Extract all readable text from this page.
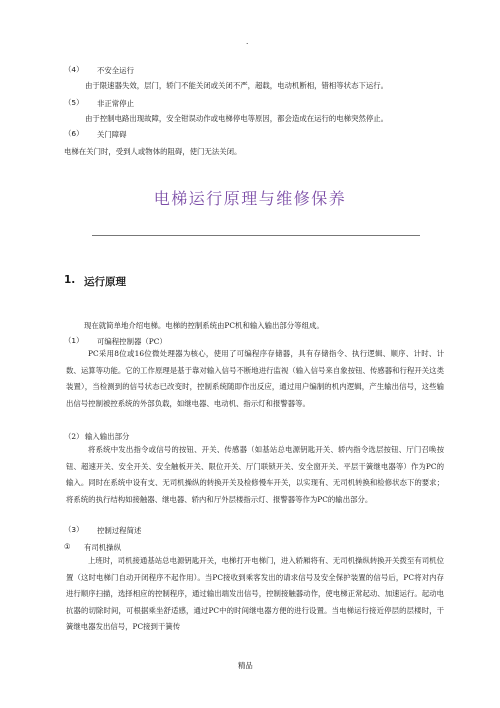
.
（4） 不安全运行
由于限速器失效，层门，轿门不能关闭或关闭不严，超载，电动机断相，错相等状态下运行。
（5） 非正常停止
由于控制电路出现故障，安全钳误动作或电梯停电等原因，都会造成在运行的电梯突然停止。
（6） 关门障碍
电梯在关门时，受到人或物体的阻碍，使门无法关闭。
电梯运行原理与维修保养
1. 运行原理
现在就简单地介绍电梯。电梯的控制系统由PC机和输入输出部分等组成。
（1） 可编程控制器（PC）
PC采用8位或16位微处理器为核心，使用了可编程序存储器，具有存储指令、执行逻辑、顺序、计时、计数、运算等功能。它的工作原理是基于靠对输入信号不断地进行监视（输入信号来自象按钮、传感器和行程开关这类装置），当检测到的信号状态已改变时，控制系统随即作出反应，通过用户编制的机内逻辑，产生输出信号，这些输出信号控制被控系统的外部负载，如继电器、电动机、指示灯和报警器等。
（2） 输入输出部分
将系统中发出指令或信号的按钮、开关、传感器（如基站总电源钥匙开关、轿内指令选层按钮、厅门召唤按钮、超速开关、安全开关、安全触板开关、限位开关、厅门联锁开关、安全窗开关、平层干簧继电器等）作为PC的输入。同时在系统中设有支、无司机操纵的转换开关及检修慢车开关，以实现有、无司机转换和检修状态下的要求；将系统的执行结构如接触器、继电器、轿内和厅外层楼指示灯、报警器等作为PC的输出部分。
（3） 控制过程简述
① 有司机操纵
上班时，司机接通基站总电源钥匙开关，电梯打开电梯门，进入轿厢将有、无司机操纵转换开关拨至有司机位置（这时电梯门自动开闭程序不起作用）。当PC接收到乘客发出的请求信号及安全保护装置的信号后，PC将对内存进行顺序扫描，选择相应的控制程序，通过输出端发出信号，控制接触器动作，使电梯正常起动、加速运行。起动电抗器的切除时间，可根据乘坐舒适感，通过PC中的时间继电器方便的进行设置。当电梯运行接近停层的层楼时，干簧继电器发出信号，PC接到干簧传
精品
